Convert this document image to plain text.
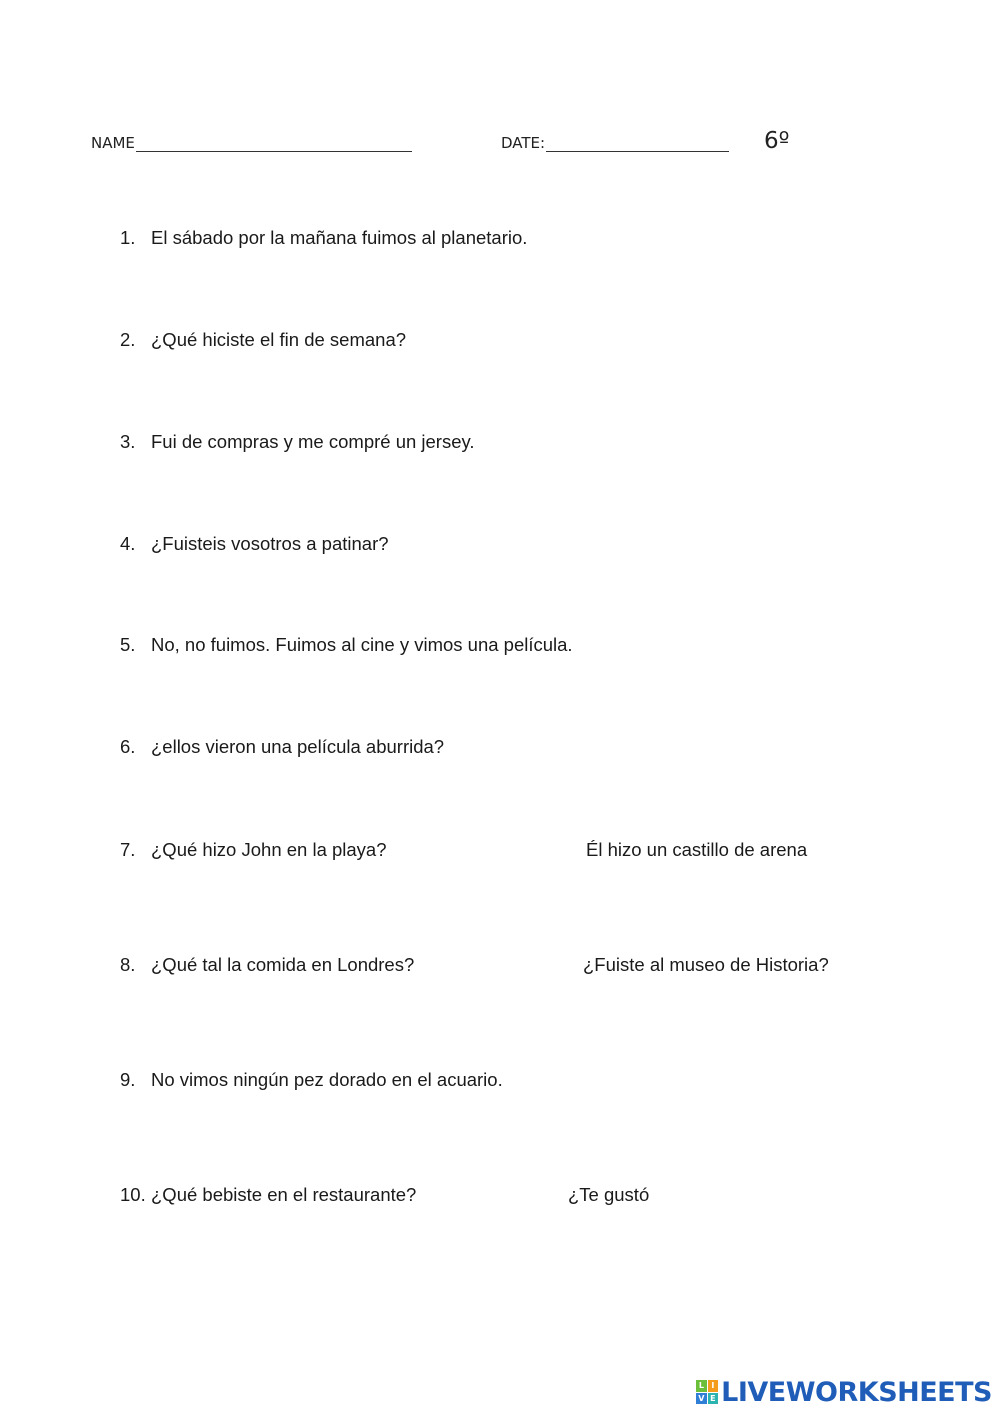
NAME	DATE:	6º
1. El sábado por la mañana fuimos al planetario.
2. ¿Qué hiciste el fin de semana?
3. Fui de compras y me compré un jersey.
4. ¿Fuisteis vosotros a patinar?
5. No, no fuimos. Fuimos al cine y vimos una película.
6. ¿ellos vieron una película aburrida?
7. ¿Qué hizo John en la playa?	Él hizo un castillo de arena
8. ¿Qué tal la comida en Londres?	¿Fuiste al museo de Historia?
9. No vimos ningún pez dorado en el acuario.
10. ¿Qué bebiste en el restaurante?	¿Te gustó
L I
V E LIVEWORKSHEETS
